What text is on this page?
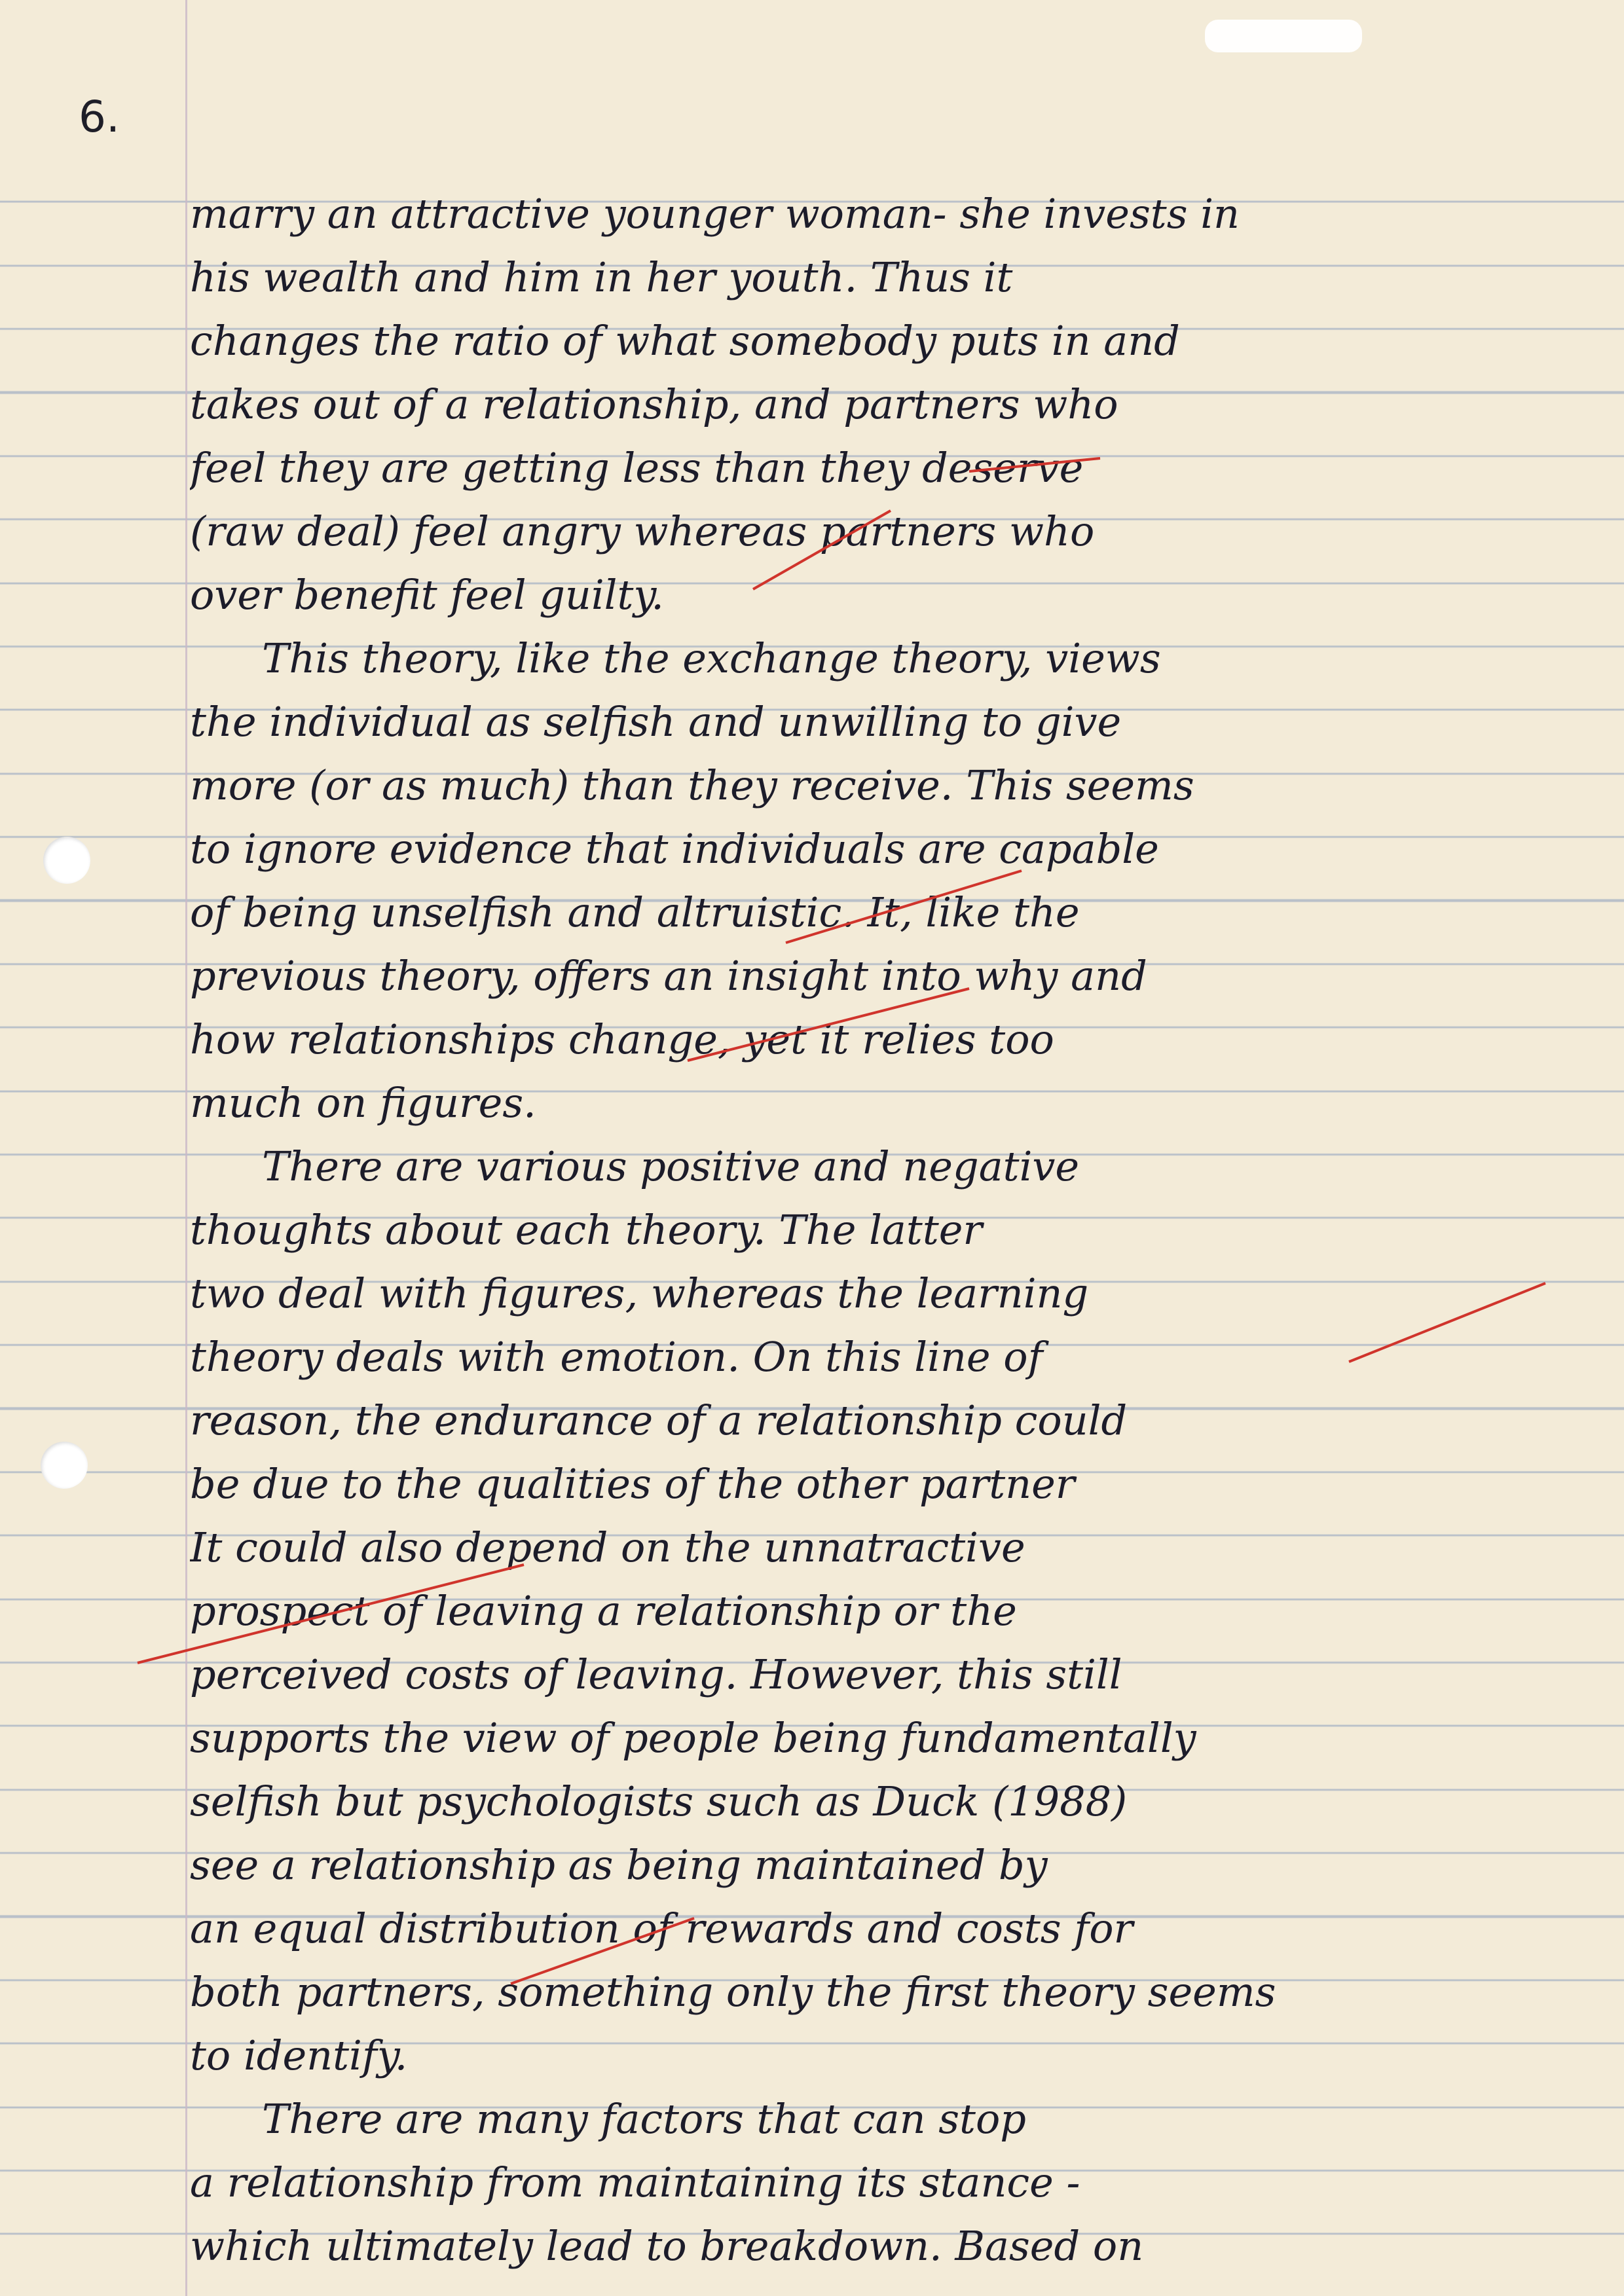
6.
marry an attractive younger woman- she invests in
his wealth and him in her youth. Thus it
changes the ratio of what somebody puts in and
takes out of a relationship, and partners who
feel they are getting less than they deserve
(raw deal) feel angry whereas partners who
over benefit feel guilty.
This theory, like the exchange theory, views
the individual as selfish and unwilling to give
more (or as much) than they receive. This seems
to ignore evidence that individuals are capable
of being unselfish and altruistic. It, like the
previous theory, offers an insight into why and
how relationships change, yet it relies too
much on figures.
There are various positive and negative
thoughts about each theory. The latter
two deal with figures, whereas the learning
theory deals with emotion. On this line of
reason, the endurance of a relationship could
be due to the qualities of the other partner
It could also depend on the unnatractive
prospect of leaving a relationship or the
perceived costs of leaving. However, this still
supports the view of people being fundamentally
selfish but psychologists such as Duck (1988)
see a relationship as being maintained by
an equal distribution of rewards and costs for
both partners, something only the first theory seems
to identify.
There are many factors that can stop
a relationship from maintaining its stance -
which ultimately lead to breakdown. Based on
